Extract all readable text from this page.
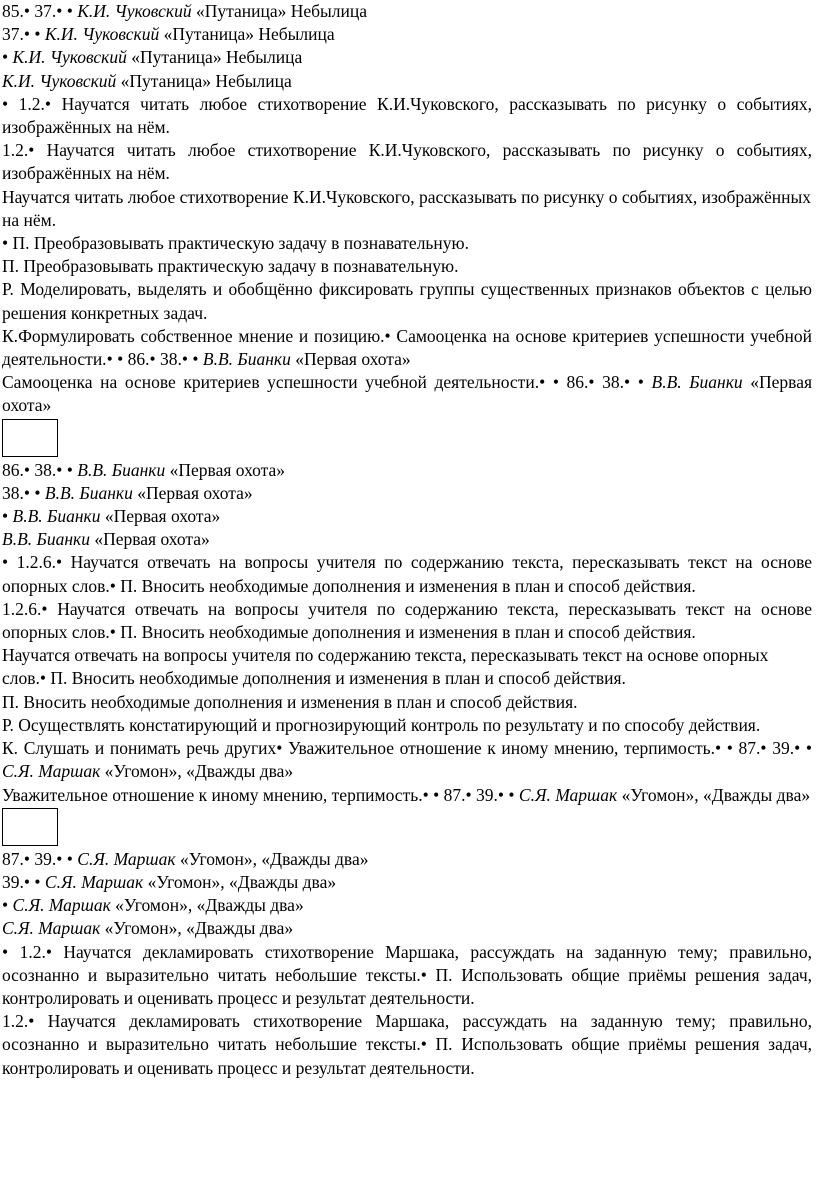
85.• 37.• • К.И. Чуковский «Путаница» Небылица
37.• • К.И. Чуковский «Путаница» Небылица
• К.И. Чуковский «Путаница» Небылица
К.И. Чуковский «Путаница» Небылица
• 1.2.• Научатся читать любое стихотворение К.И.Чуковского, рассказывать по рисунку о событиях, изображённых на нём.
1.2.• Научатся читать любое стихотворение К.И.Чуковского, рассказывать по рисунку о событиях, изображённых на нём.
Научатся читать любое стихотворение К.И.Чуковского, рассказывать по рисунку о событиях, изображённых на нём.
• П. Преобразовывать практическую задачу в познавательную.
П. Преобразовывать практическую задачу в познавательную.
Р. Моделировать, выделять и обобщённо фиксировать группы существенных признаков объектов с целью решения конкретных задач.
К.Формулировать собственное мнение и позицию.• Самооценка на основе критериев успешности учебной деятельности.• • 86.• 38.• • В.В. Бианки «Первая охота»
Самооценка на основе критериев успешности учебной деятельности.• • 86.• 38.• • В.В. Бианки «Первая охота»
86.• 38.• • В.В. Бианки «Первая охота»
38.• • В.В. Бианки «Первая охота»
• В.В. Бианки «Первая охота»
В.В. Бианки «Первая охота»
• 1.2.6.• Научатся отвечать на вопросы учителя по содержанию текста, пересказывать текст на основе опорных слов.• П. Вносить необходимые дополнения и изменения в план и способ действия.
1.2.6.• Научатся отвечать на вопросы учителя по содержанию текста, пересказывать текст на основе опорных слов.• П. Вносить необходимые дополнения и изменения в план и способ действия.
Научатся отвечать на вопросы учителя по содержанию текста, пересказывать текст на основе опорных слов.• П. Вносить необходимые дополнения и изменения в план и способ действия.
П. Вносить необходимые дополнения и изменения в план и способ действия.
Р. Осуществлять констатирующий и прогнозирующий контроль по результату и по способу действия.
К. Слушать и понимать речь других• Уважительное отношение к иному мнению, терпимость.• • 87.• 39.• • С.Я. Маршак «Угомон», «Дважды два»
Уважительное отношение к иному мнению, терпимость.• • 87.• 39.• • С.Я. Маршак «Угомон», «Дважды два»
87.• 39.• • С.Я. Маршак «Угомон», «Дважды два»
39.• • С.Я. Маршак «Угомон», «Дважды два»
• С.Я. Маршак «Угомон», «Дважды два»
С.Я. Маршак «Угомон», «Дважды два»
• 1.2.• Научатся декламировать стихотворение Маршака, рассуждать на заданную тему; правильно, осознанно и выразительно читать небольшие тексты.• П. Использовать общие приёмы решения задач, контролировать и оценивать процесс и результат деятельности.
1.2.• Научатся декламировать стихотворение Маршака, рассуждать на заданную тему; правильно, осознанно и выразительно читать небольшие тексты.• П. Использовать общие приёмы решения задач, контролировать и оценивать процесс и результат деятельности.
